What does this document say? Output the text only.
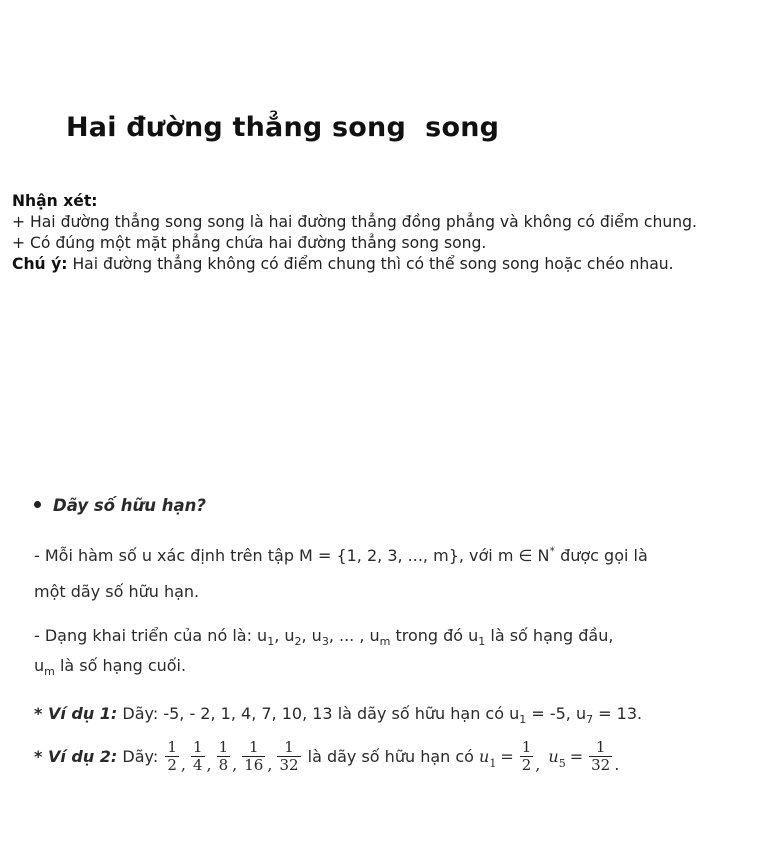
Hai đường thẳng song  song
Nhận xét:
+ Hai đường thẳng song song là hai đường thẳng đồng phẳng và không có điểm chung.
+ Có đúng một mặt phẳng chứa hai đường thẳng song song.
Chú ý: Hai đường thẳng không có điểm chung thì có thể song song hoặc chéo nhau.
Dãy số hữu hạn?
- Mỗi hàm số u xác định trên tập M = {1, 2, 3, ..., m}, với m ∈ N* được gọi là
một dãy số hữu hạn.
- Dạng khai triển của nó là: $u_1$, $u_2$, $u_3$, ... , $u_m$ trong đó $u_1$ là số hạng đầu,
$u_m$ là số hạng cuối.
* Ví dụ 1: Dãy: -5, - 2, 1, 4, 7, 10, 13 là dãy số hữu hạn có $u_1 = -5$, $u_7 = 13$.
* Ví dụ 2: Dãy: $\frac{1}{2}$ , $\frac{1}{4}$ , $\frac{1}{8}$ , $\frac{1}{16}$ , $\frac{1}{32}$ là dãy số hữu hạn có u $1 = \frac{1}{2}$ , u $5 = \frac{1}{32}$ .
